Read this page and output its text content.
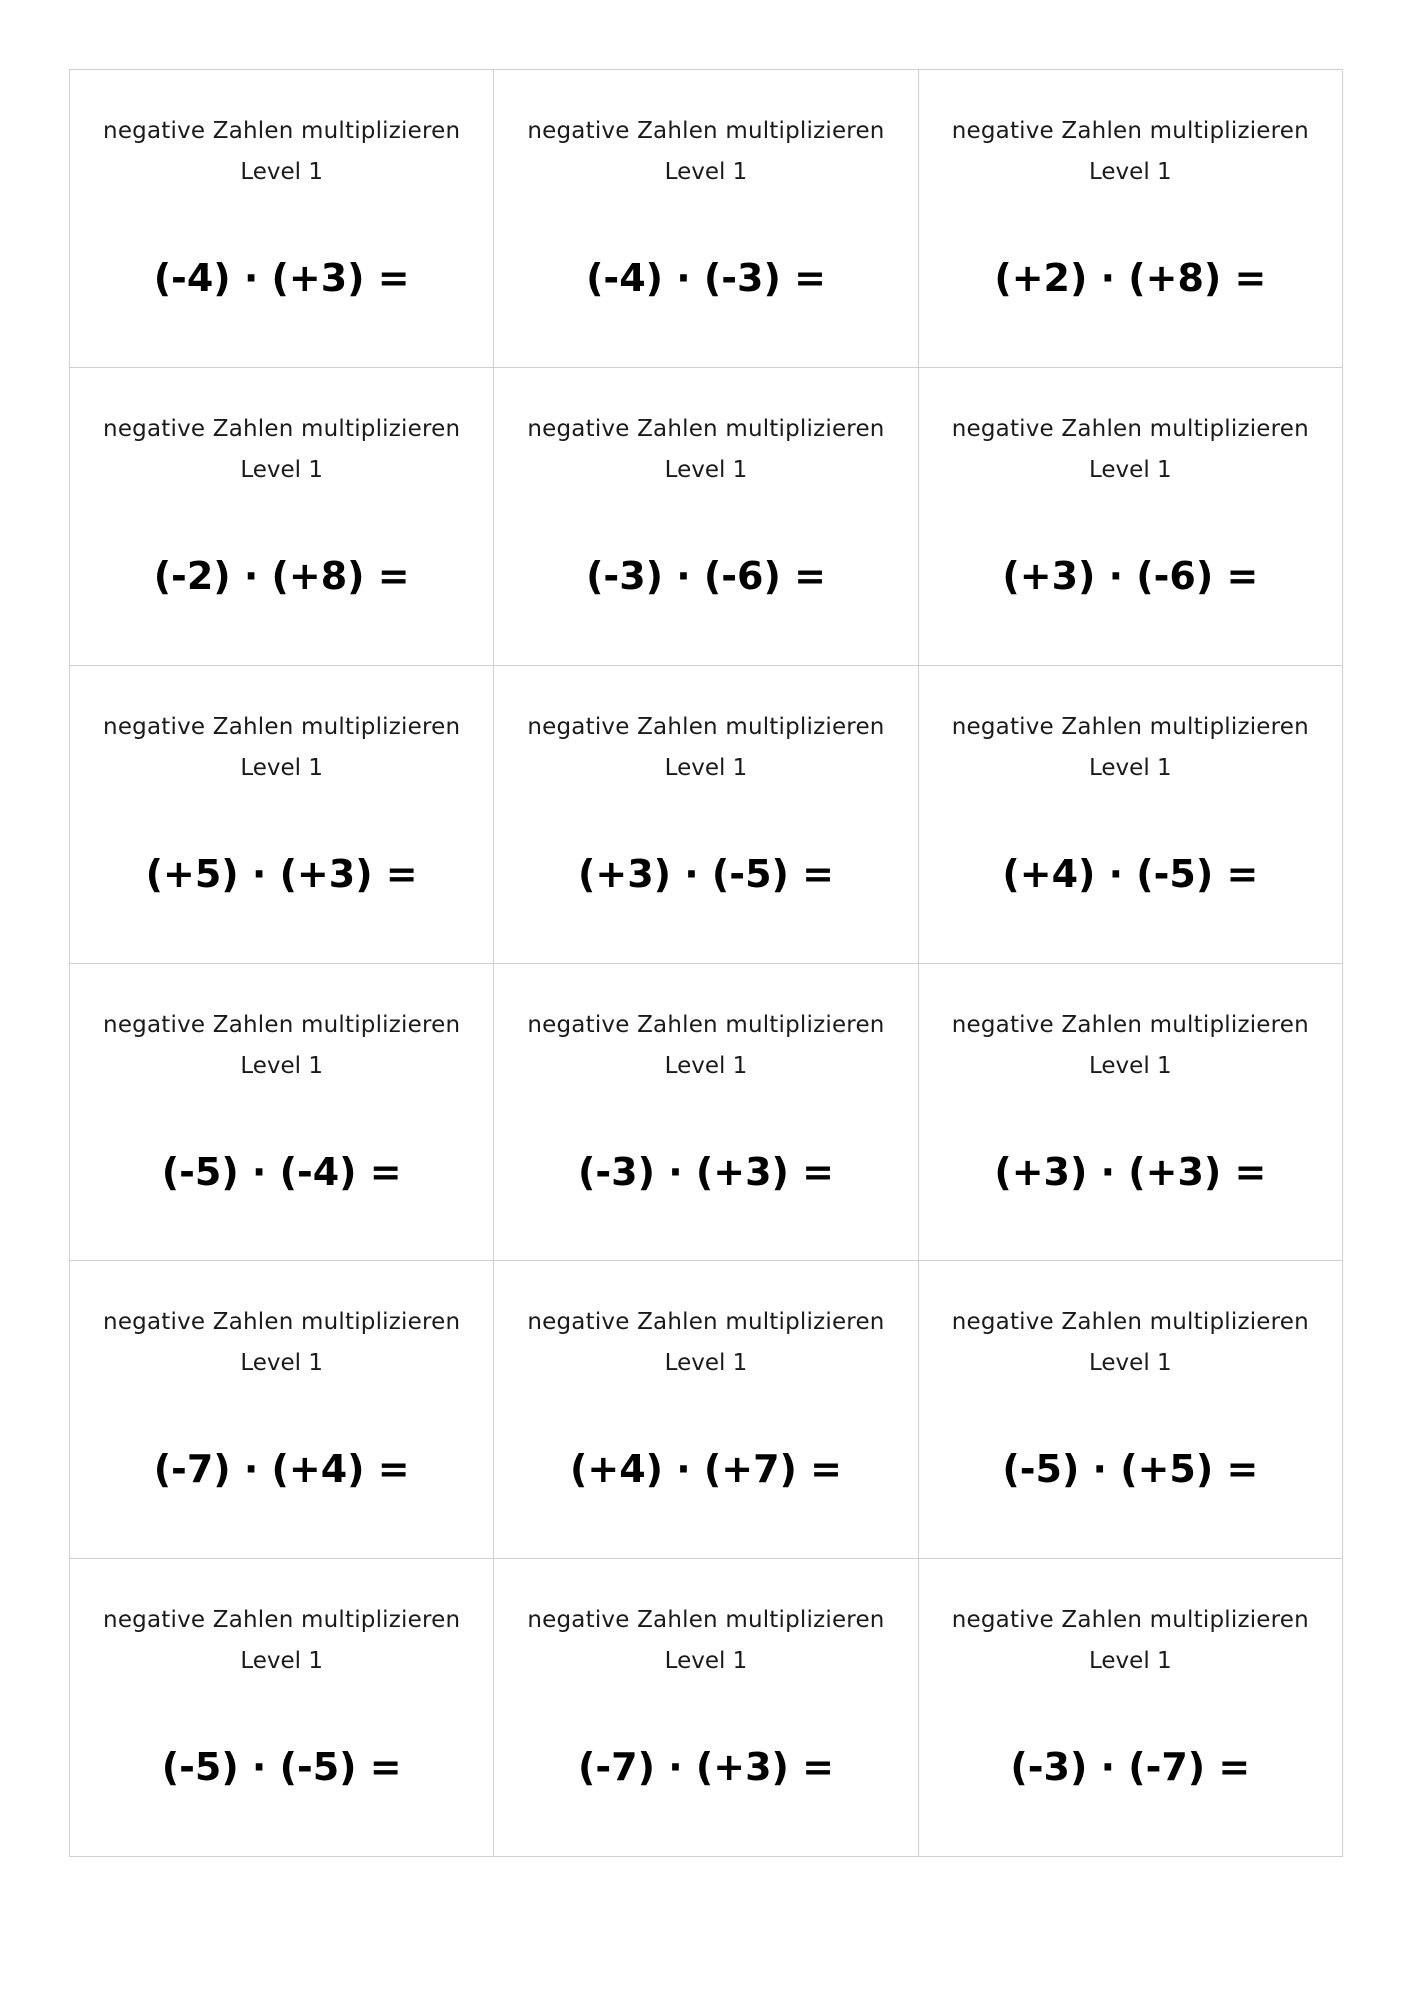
negative Zahlen multiplizieren
Level 1
(-4) · (+3) =
negative Zahlen multiplizieren
Level 1
(-4) · (-3) =
negative Zahlen multiplizieren
Level 1
(+2) · (+8) =
negative Zahlen multiplizieren
Level 1
(-2) · (+8) =
negative Zahlen multiplizieren
Level 1
(-3) · (-6) =
negative Zahlen multiplizieren
Level 1
(+3) · (-6) =
negative Zahlen multiplizieren
Level 1
(+5) · (+3) =
negative Zahlen multiplizieren
Level 1
(+3) · (-5) =
negative Zahlen multiplizieren
Level 1
(+4) · (-5) =
negative Zahlen multiplizieren
Level 1
(-5) · (-4) =
negative Zahlen multiplizieren
Level 1
(-3) · (+3) =
negative Zahlen multiplizieren
Level 1
(+3) · (+3) =
negative Zahlen multiplizieren
Level 1
(-7) · (+4) =
negative Zahlen multiplizieren
Level 1
(+4) · (+7) =
negative Zahlen multiplizieren
Level 1
(-5) · (+5) =
negative Zahlen multiplizieren
Level 1
(-5) · (-5) =
negative Zahlen multiplizieren
Level 1
(-7) · (+3) =
negative Zahlen multiplizieren
Level 1
(-3) · (-7) =
